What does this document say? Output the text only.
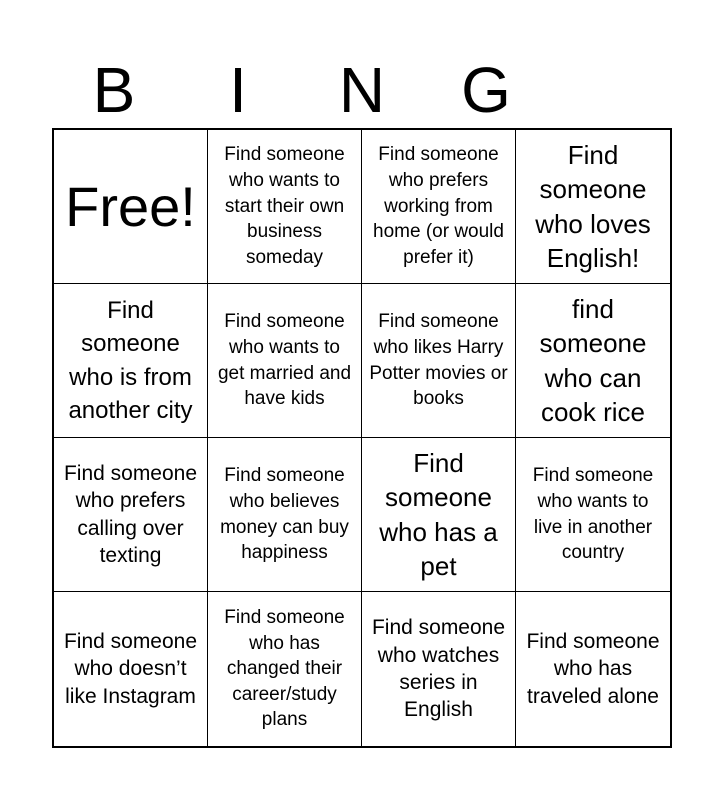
B	I	N	G
Free!
Find someone who wants to start their own business someday
Find someone who prefers working from home (or would prefer it)
Find someone who loves English!
Find someone who is from another city
Find someone who wants to get married and have kids
Find someone who likes Harry Potter movies or books
find someone who can cook rice
Find someone who prefers calling over texting
Find someone who believes money can buy happiness
Find someone who has a pet
Find someone who wants to live in another country
Find someone who doesn’t like Instagram
Find someone who has changed their career/study plans
Find someone who watches series in English
Find someone who has traveled alone
